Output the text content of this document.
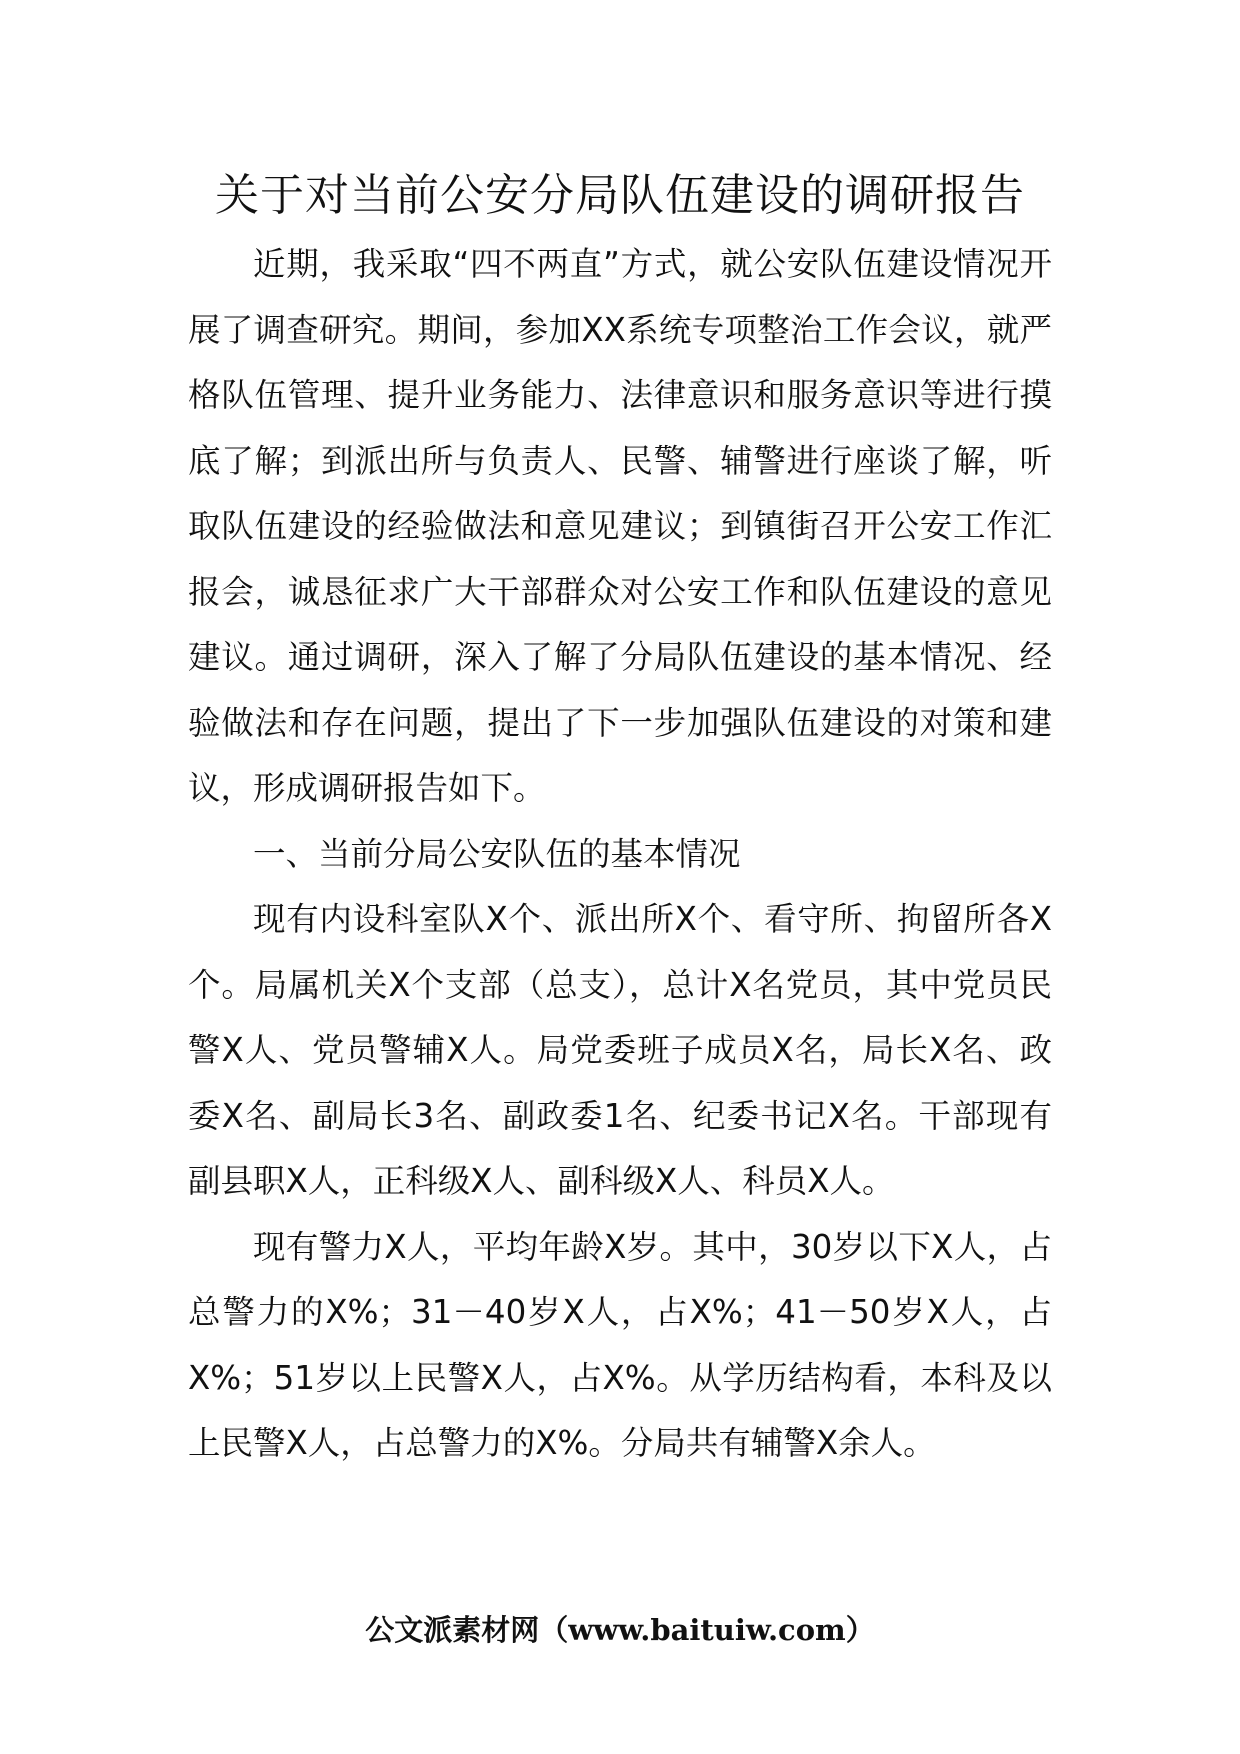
关于对当前公安分局队伍建设的调研报告

近期，我采取“四不两直”方式，就公安队伍建设情况开展了调查研究。期间，参加XX系统专项整治工作会议，就严格队伍管理、提升业务能力、法律意识和服务意识等进行摸底了解；到派出所与负责人、民警、辅警进行座谈了解，听取队伍建设的经验做法和意见建议；到镇街召开公安工作汇报会，诚恳征求广大干部群众对公安工作和队伍建设的意见建议。通过调研，深入了解了分局队伍建设的基本情况、经验做法和存在问题，提出了下一步加强队伍建设的对策和建议，形成调研报告如下。

一、当前分局公安队伍的基本情况

现有内设科室队X个、派出所X个、看守所、拘留所各X个。局属机关X个支部（总支），总计X名党员，其中党员民警X人、党员警辅X人。局党委班子成员X名，局长X名、政委X名、副局长3名、副政委1名、纪委书记X名。干部现有副县职X人，正科级X人、副科级X人、科员X人。

现有警力X人，平均年龄X岁。其中，30岁以下X人，占总警力的X%；31－40岁X人，占X%；41－50岁X人，占X%；51岁以上民警X人，占X%。从学历结构看，本科及以上民警X人，占总警力的X%。分局共有辅警X余人。

公文派素材网（www.baituiw.com）
